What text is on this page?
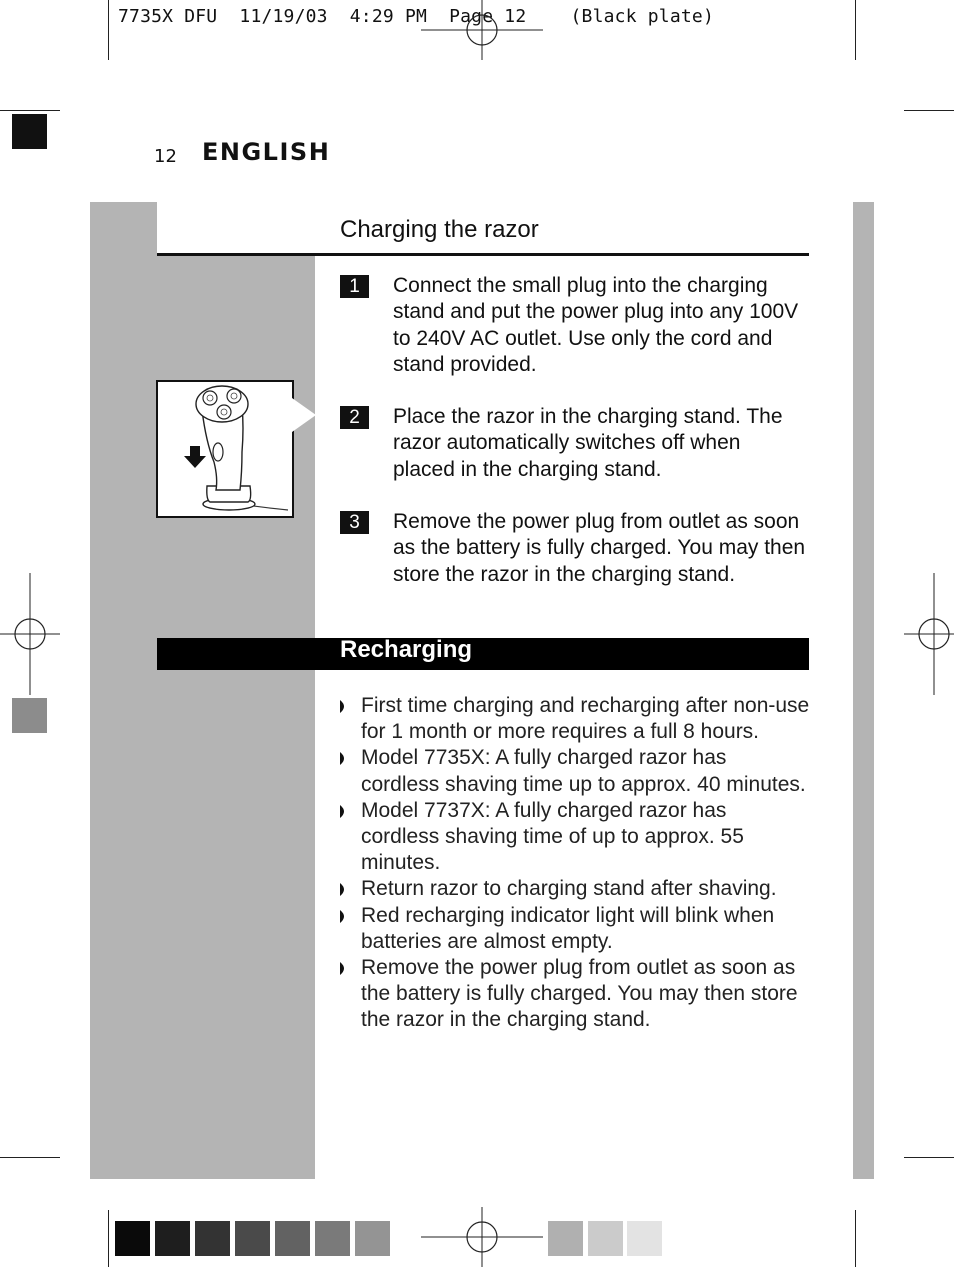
7735X DFU  11/19/03  4:29 PM  Page 12    (Black plate)
12 ENGLISH
Charging the razor
1	Connect the small plug into the charging stand and put the power plug into any 100V to 240V AC outlet. Use only the cord and stand provided.
2	Place the razor in the charging stand. The razor automatically switches off when placed in the charging stand.
3	Remove the power plug from outlet as soon as the battery is fully charged. You may then store the razor in the charging stand.
Recharging
First time charging and recharging after non-use for 1 month or more requires a full 8 hours.
Model 7735X: A fully charged razor has cordless shaving time up to approx. 40 minutes.
Model 7737X: A fully charged razor has cordless shaving time of up to approx. 55 minutes.
Return razor to charging stand after shaving.
Red recharging indicator light will blink when batteries are almost empty.
Remove the power plug from outlet as soon as the battery is fully charged. You may then store the razor in the charging stand.
